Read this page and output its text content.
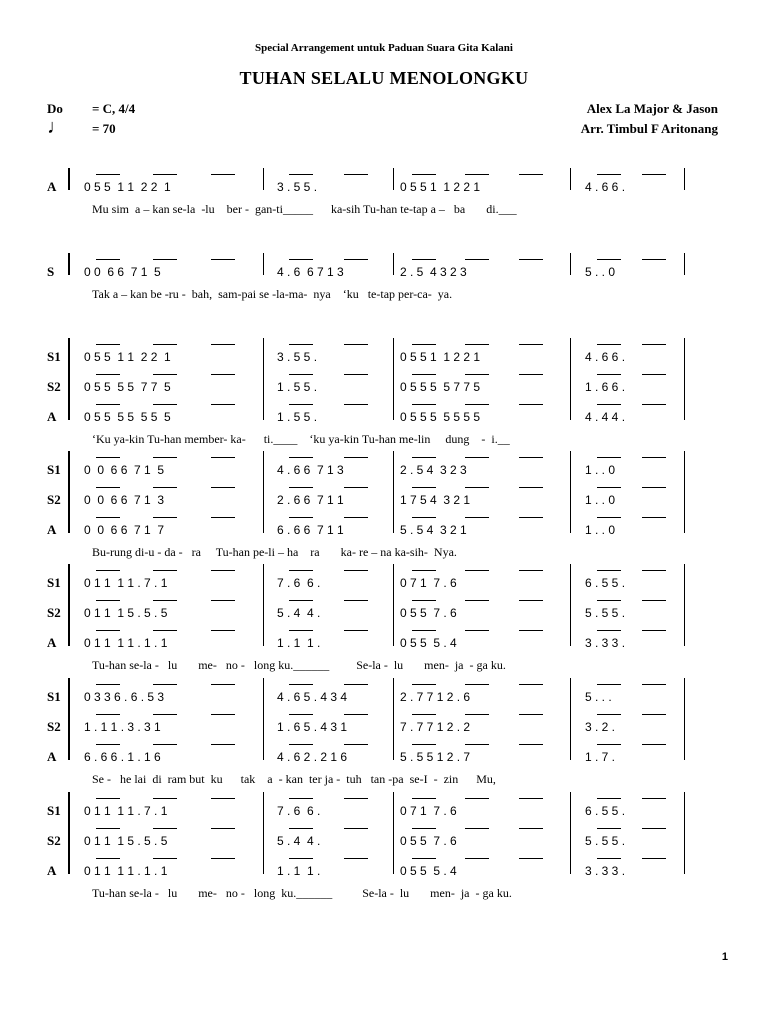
Special Arrangement untuk Paduan Suara Gita Kalani
TUHAN SELALU MENOLONGKU
Do = C, 4/4
♩ = 70
Alex La Major & Jason
Arr. Timbul F Aritonang
A	0 5 5  1 1  2 2  1	3 . 5 5 .	0 5 5 1  1 2 2 1	4 . 6 6 .
Mu sim  a – kan se-la  -lu    ber -  gan-ti_____      ka-sih Tu-han te-tap a –   ba       di.___
S	0 0  6 6  7 1  5	4 . 6  6 7 1 3	2 . 5  4 3 2 3	5 . . 0
Tak a – kan be -ru -  bah,  sam-pai se -la-ma-  nya    ‘ku   te-tap per-ca-  ya.
S1	0 5 5  1 1  2 2  1	3 . 5 5 .	0 5 5 1  1 2 2 1	4 . 6 6 .
S2	0 5 5  5 5  7 7  5	1 . 5 5 .	0 5 5 5  5 7 7 5	1 . 6 6 .
A	0 5 5  5 5  5 5  5	1 . 5 5 .	0 5 5 5  5 5 5 5	4 . 4 4 .
‘Ku ya-kin Tu-han member- ka-      ti.____    ‘ku ya-kin Tu-han me-lin     dung    -  i.__
S1	0  0  6 6  7 1  5	4 . 6 6  7 1 3	2 . 5 4  3 2 3	1 . . 0
S2	0  0  6 6  7 1  3	2 . 6 6  7 1 1	1 7 5 4  3 2 1	1 . . 0
A	0  0  6 6  7 1  7	6 . 6 6  7 1 1	5 . 5 4  3 2 1	1 . . 0
Bu-rung di-u - da -   ra     Tu-han pe-li – ha    ra       ka- re – na ka-sih-  Nya.
S1	0 1 1  1 1 . 7 . 1	7 . 6  6 .	0 7 1  7 . 6	6 . 5 5 .
S2	0 1 1  1 5 . 5 . 5	5 . 4  4 .	0 5 5  7 . 6	5 . 5 5 .
A	0 1 1  1 1 . 1 . 1	1 . 1  1 .	0 5 5  5 . 4	3 . 3 3 .
Tu-han se-la -   lu       me-   no -   long ku.______         Se-la -  lu       men-  ja  - ga ku.
S1	0 3 3 6 . 6 . 5 3	4 . 6 5 . 4 3 4	2 . 7 7 1 2 . 6	5 . . .
S2	1 . 1 1 . 3 . 3 1	1 . 6 5 . 4 3 1	7 . 7 7 1 2 . 2	3 . 2 .
A	6 . 6 6 . 1 . 1 6	4 . 6 2 . 2 1 6	5 . 5 5 1 2 . 7	1 . 7 .
Se -   he lai  di  ram but  ku      tak    a  - kan  ter ja -  tuh   tan -pa  se-I  -  zin      Mu,
S1	0 1 1  1 1 . 7 . 1	7 . 6  6 .	0 7 1  7 . 6	6 . 5 5 .
S2	0 1 1  1 5 . 5 . 5	5 . 4  4 .	0 5 5  7 . 6	5 . 5 5 .
A	0 1 1  1 1 . 1 . 1	1 . 1  1 .	0 5 5  5 . 4	3 . 3 3 .
Tu-han se-la -   lu       me-   no -   long  ku.______          Se-la -  lu       men-  ja  - ga ku.
1
